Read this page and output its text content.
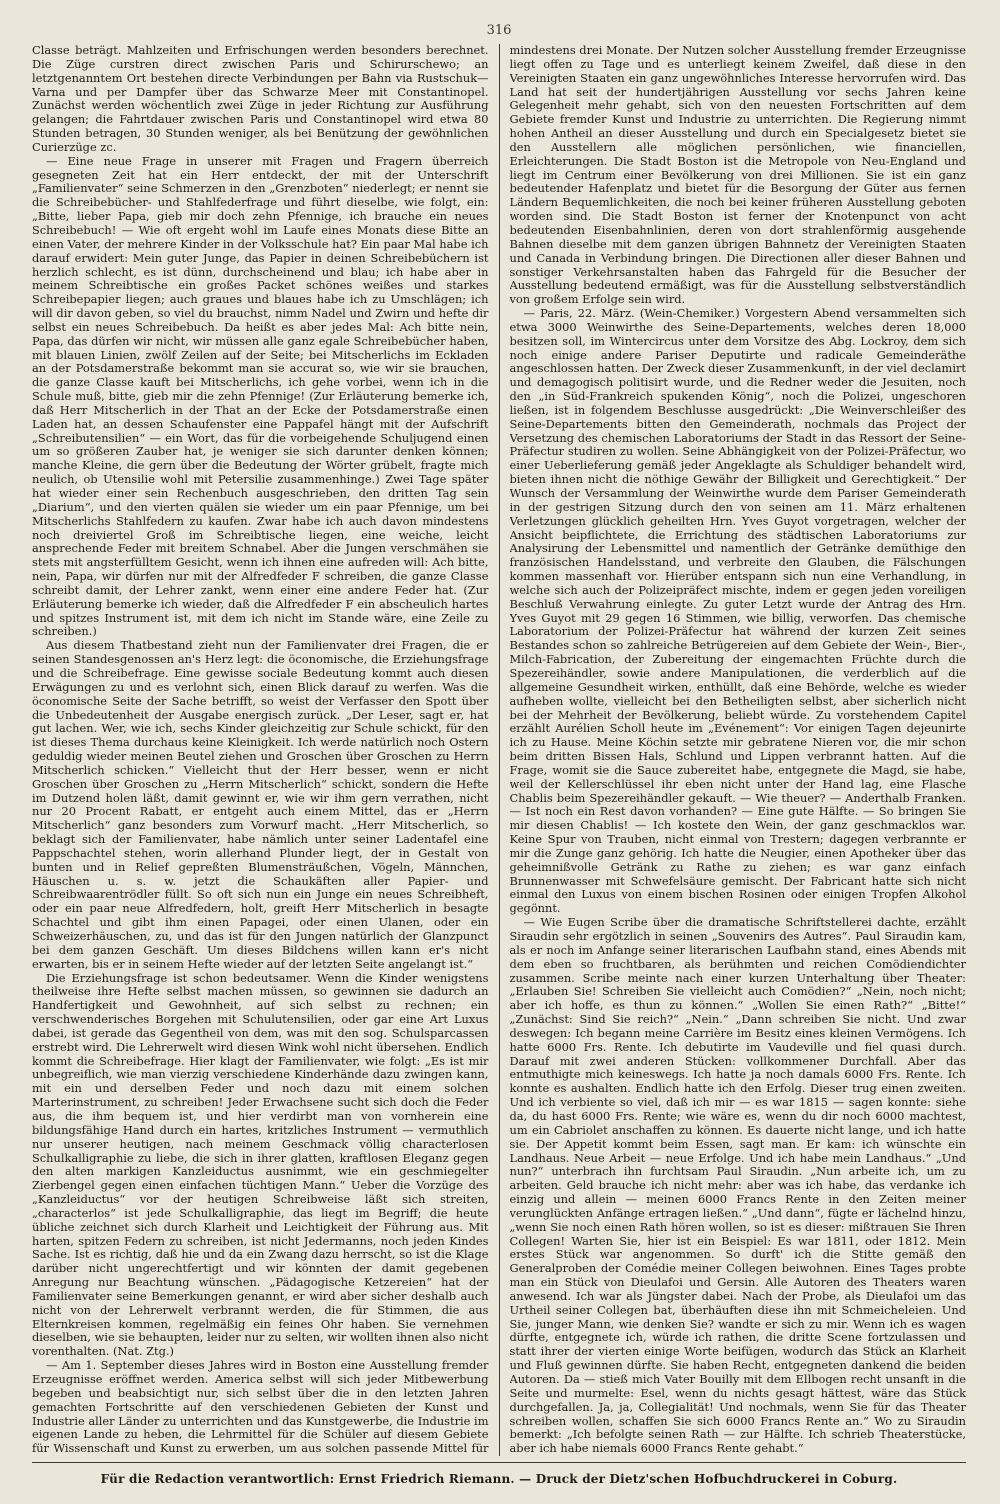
316

Classe beträgt. Mahlzeiten und Erfrischungen werden besonders berechnet. Die Züge curstren direct zwischen Paris und Schirurschewo; an letztgenanntem Ort bestehen directe Verbindungen per Bahn via Rustschuk—Varna und per Dampfer über das Schwarze Meer mit Constantinopel. Zunächst werden wöchentlich zwei Züge in jeder Richtung zur Ausführung gelangen; die Fahrtdauer zwischen Paris und Constantinopel wird etwa 80 Stunden betragen, 30 Stunden weniger, als bei Benützung der gewöhnlichen Curierzüge zc.

— Eine neue Frage in unserer mit Fragen und Fragern überreich gesegneten Zeit hat ein Herr entdeckt, der mit der Unterschrift „Familienvater“ seine Schmerzen in den „Grenzboten“ niederlegt; er nennt sie die Schreibebücher- und Stahlfederfrage und führt dieselbe, wie folgt, ein: „Bitte, lieber Papa, gieb mir doch zehn Pfennige, ich brauche ein neues Schreibebuch! — Wie oft ergeht wohl im Laufe eines Monats diese Bitte an einen Vater, der mehrere Kinder in der Volksschule hat? Ein paar Mal habe ich darauf erwidert: Mein guter Junge, das Papier in deinen Schreibebüchern ist herzlich schlecht, es ist dünn, durchscheinend und blau; ich habe aber in meinem Schreibtische ein großes Packet schönes weißes und starkes Schreibepapier liegen; auch graues und blaues habe ich zu Umschlägen; ich will dir davon geben, so viel du brauchst, nimm Nadel und Zwirn und hefte dir selbst ein neues Schreibebuch. Da heißt es aber jedes Mal: Ach bitte nein, Papa, das dürfen wir nicht, wir müssen alle ganz egale Schreibebücher haben, mit blauen Linien, zwölf Zeilen auf der Seite; bei Mitscherlichs im Eckladen an der Potsdamerstraße bekommt man sie accurat so, wie wir sie brauchen, die ganze Classe kauft bei Mitscherlichs, ich gehe vorbei, wenn ich in die Schule muß, bitte, gieb mir die zehn Pfennige! (Zur Erläuterung bemerke ich, daß Herr Mitscherlich in der That an der Ecke der Potsdamerstraße einen Laden hat, an dessen Schaufenster eine Pappafel hängt mit der Aufschrift „Schreibutensilien“ — ein Wort, das für die vorbeigehende Schuljugend einen um so größeren Zauber hat, je weniger sie sich darunter denken können; manche Kleine, die gern über die Bedeutung der Wörter grübelt, fragte mich neulich, ob Utensilie wohl mit Petersilie zusammenhinge.) Zwei Tage später hat wieder einer sein Rechenbuch ausgeschrieben, den dritten Tag sein „Diarium“, und den vierten quälen sie wieder um ein paar Pfennige, um bei Mitscherlichs Stahlfedern zu kaufen. Zwar habe ich auch davon mindestens noch dreiviertel Groß im Schreibtische liegen, eine weiche, leicht ansprechende Feder mit breitem Schnabel. Aber die Jungen verschmähen sie stets mit angsterfülltem Gesicht, wenn ich ihnen eine aufreden will: Ach bitte, nein, Papa, wir dürfen nur mit der Alfredfeder F schreiben, die ganze Classe schreibt damit, der Lehrer zankt, wenn einer eine andere Feder hat. (Zur Erläuterung bemerke ich wieder, daß die Alfredfeder F ein abscheulich hartes und spitzes Instrument ist, mit dem ich nicht im Stande wäre, eine Zeile zu schreiben.)

Aus diesem Thatbestand zieht nun der Familienvater drei Fragen, die er seinen Standesgenossen an's Herz legt: die öconomische, die Erziehungsfrage und die Schreibefrage. Eine gewisse sociale Bedeutung kommt auch diesen Erwägungen zu und es verlohnt sich, einen Blick darauf zu werfen. Was die öconomische Seite der Sache betrifft, so weist der Verfasser den Spott über die Unbedeutenheit der Ausgabe energisch zurück. „Der Leser, sagt er, hat gut lachen. Wer, wie ich, sechs Kinder gleichzeitig zur Schule schickt, für den ist dieses Thema durchaus keine Kleinigkeit. Ich werde natürlich noch Ostern geduldig wieder meinen Beutel ziehen und Groschen über Groschen zu Herrn Mitscherlich schicken.“ Vielleicht thut der Herr besser, wenn er nicht Groschen über Groschen zu „Herrn Mitscherlich“ schickt, sondern die Hefte im Dutzend holen läßt, damit gewinnt er, wie wir ihm gern verrathen, nicht nur 20 Procent Rabatt, er entgeht auch einem Mittel, das er „Herrn Mitscherlich“ ganz besonders zum Vorwurf macht. „Herr Mitscherlich, so beklagt sich der Familienvater, habe nämlich unter seiner Ladentafel eine Pappschachtel stehen, worin allerhand Plunder liegt, der in Gestalt von bunten und in Relief gepreßten Blumensträußchen, Vögeln, Männchen, Häuschen u. s. w. jetzt die Schaukäften aller Papier- und Schreibwaarentrödler füllt. So oft sich nun ein Junge ein neues Schreibheft, oder ein paar neue Alfredfedern, holt, greift Herr Mitscherlich in besagte Schachtel und gibt ihm einen Papagei, oder einen Ulanen, oder ein Schweizerhäuschen, zu, und das ist für den Jungen natürlich der Glanzpunct bei dem ganzen Geschäft. Um dieses Bildchens willen kann er's nicht erwarten, bis er in seinem Hefte wieder auf der letzten Seite angelangt ist.“

Die Erziehungsfrage ist schon bedeutsamer. Wenn die Kinder wenigstens theilweise ihre Hefte selbst machen müssen, so gewinnen sie dadurch an Handfertigkeit und Gewohnheit, auf sich selbst zu rechnen; ein verschwenderisches Borgehen mit Schulutensilien, oder gar eine Art Luxus dabei, ist gerade das Gegentheil von dem, was mit den sog. Schulsparcassen erstrebt wird. Die Lehrerwelt wird diesen Wink wohl nicht übersehen. Endlich kommt die Schreibefrage. Hier klagt der Familienvater, wie folgt: „Es ist mir unbegreiflich, wie man vierzig verschiedene Kinderhände dazu zwingen kann, mit ein und derselben Feder und noch dazu mit einem solchen Marterinstrument, zu schreiben! Jeder Erwachsene sucht sich doch die Feder aus, die ihm bequem ist, und hier verdirbt man von vornherein eine bildungsfähige Hand durch ein hartes, kritzliches Instrument — vermuthlich nur unserer heutigen, nach meinem Geschmack völlig characterlosen Schulkalligraphie zu liebe, die sich in ihrer glatten, kraftlosen Eleganz gegen den alten markigen Kanzleiductus ausnimmt, wie ein geschmiegelter Zierbengel gegen einen einfachen tüchtigen Mann.“ Ueber die Vorzüge des „Kanzleiductus“ vor der heutigen Schreibweise läßt sich streiten, „characterlos“ ist jede Schulkalligraphie, das liegt im Begriff; die heute übliche zeichnet sich durch Klarheit und Leichtigkeit der Führung aus. Mit harten, spitzen Federn zu schreiben, ist nicht Jedermanns, noch jeden Kindes Sache. Ist es richtig, daß hie und da ein Zwang dazu herrscht, so ist die Klage darüber nicht ungerechtfertigt und wir könnten der damit gegebenen Anregung nur Beachtung wünschen. „Pädagogische Ketzereien“ hat der Familienvater seine Bemerkungen genannt, er wird aber sicher deshalb auch nicht von der Lehrerwelt verbrannt werden, die für Stimmen, die aus Elternkreisen kommen, regelmäßig ein feines Ohr haben. Sie vernehmen dieselben, wie sie behaupten, leider nur zu selten, wir wollten ihnen also nicht vorenthalten. (Nat. Ztg.)

— Am 1. September dieses Jahres wird in Boston eine Ausstellung fremder Erzeugnisse eröffnet werden. America selbst will sich jeder Mitbewerbung begeben und beabsichtigt nur, sich selbst über die in den letzten Jahren gemachten Fortschritte auf den verschiedenen Gebieten der Kunst und Industrie aller Länder zu unterrichten und das Kunstgewerbe, die Industrie im eigenen Lande zu heben, die Lehrmittel für die Schüler auf diesem Gebiete für Wissenschaft und Kunst zu erwerben, um aus solchen passende Mittel für

mindestens drei Monate. Der Nutzen solcher Ausstellung fremder Erzeugnisse liegt offen zu Tage und es unterliegt keinem Zweifel, daß diese in den Vereinigten Staaten ein ganz ungewöhnliches Interesse hervorrufen wird. Das Land hat seit der hundertjährigen Ausstellung vor sechs Jahren keine Gelegenheit mehr gehabt, sich von den neuesten Fortschritten auf dem Gebiete fremder Kunst und Industrie zu unterrichten. Die Regierung nimmt hohen Antheil an dieser Ausstellung und durch ein Specialgesetz bietet sie den Ausstellern alle möglichen persönlichen, wie financiellen, Erleichterungen. Die Stadt Boston ist die Metropole von Neu-England und liegt im Centrum einer Bevölkerung von drei Millionen. Sie ist ein ganz bedeutender Hafenplatz und bietet für die Besorgung der Güter aus fernen Ländern Bequemlichkeiten, die noch bei keiner früheren Ausstellung geboten worden sind. Die Stadt Boston ist ferner der Knotenpunct von acht bedeutenden Eisenbahnlinien, deren von dort strahlenförmig ausgehende Bahnen dieselbe mit dem ganzen übrigen Bahnnetz der Vereinigten Staaten und Canada in Verbindung bringen. Die Directionen aller dieser Bahnen und sonstiger Verkehrsanstalten haben das Fahrgeld für die Besucher der Ausstellung bedeutend ermäßigt, was für die Ausstellung selbstverständlich von großem Erfolge sein wird.

— Paris, 22. März. (Wein-Chemiker.) Vorgestern Abend versammelten sich etwa 3000 Weinwirthe des Seine-Departements, welches deren 18,000 besitzen soll, im Wintercircus unter dem Vorsitze des Abg. Lockroy, dem sich noch einige andere Pariser Deputirte und radicale Gemeinderäthe angeschlossen hatten. Der Zweck dieser Zusammenkunft, in der viel declamirt und demagogisch politisirt wurde, und die Redner weder die Jesuiten, noch den „in Süd-Frankreich spukenden König“, noch die Polizei, ungeschoren ließen, ist in folgendem Beschlusse ausgedrückt: „Die Weinverschleißer des Seine-Departements bitten den Gemeinderath, nochmals das Project der Versetzung des chemischen Laboratoriums der Stadt in das Ressort der Seine-Präfectur studiren zu wollen. Seine Abhängigkeit von der Polizei-Präfectur, wo einer Ueberlieferung gemäß jeder Angeklagte als Schuldiger behandelt wird, bieten ihnen nicht die nöthige Gewähr der Billigkeit und Gerechtigkeit.“ Der Wunsch der Versammlung der Weinwirthe wurde dem Pariser Gemeinderath in der gestrigen Sitzung durch den von seinen am 11. März erhaltenen Verletzungen glücklich geheilten Hrn. Yves Guyot vorgetragen, welcher der Ansicht beipflichtete, die Errichtung des städtischen Laboratoriums zur Analysirung der Lebensmittel und namentlich der Getränke demüthige den französischen Handelsstand, und verbreite den Glauben, die Fälschungen kommen massenhaft vor. Hierüber entspann sich nun eine Verhandlung, in welche sich auch der Polizeipräfect mischte, indem er gegen jeden voreiligen Beschluß Verwahrung einlegte. Zu guter Letzt wurde der Antrag des Hrn. Yves Guyot mit 29 gegen 16 Stimmen, wie billig, verworfen. Das chemische Laboratorium der Polizei-Präfectur hat während der kurzen Zeit seines Bestandes schon so zahlreiche Betrügereien auf dem Gebiete der Wein-, Bier-, Milch-Fabrication, der Zubereitung der eingemachten Früchte durch die Spezereihändler, sowie andere Manipulationen, die verderblich auf die allgemeine Gesundheit wirken, enthüllt, daß eine Behörde, welche es wieder aufheben wollte, vielleicht bei den Betheiligten selbst, aber sicherlich nicht bei der Mehrheit der Bevölkerung, beliebt würde. Zu vorstehendem Capitel erzählt Aurélien Scholl heute im „Evénement“: Vor einigen Tagen dejeunirte ich zu Hause. Meine Köchin setzte mir gebratene Nieren vor, die mir schon beim dritten Bissen Hals, Schlund und Lippen verbrannt hatten. Auf die Frage, womit sie die Sauce zubereitet habe, entgegnete die Magd, sie habe, weil der Kellerschlüssel ihr eben nicht unter der Hand lag, eine Flasche Chablis beim Spezereihändler gekauft. — Wie theuer? — Anderthalb Franken. — Ist noch ein Rest davon vorhanden? — Eine gute Hälfte. — So bringen Sie mir diesen Chablis! — Ich kostete den Wein, der ganz geschmacklos war. Keine Spur von Trauben, nicht einmal von Trestern; dagegen verbrannte er mir die Zunge ganz gehörig. Ich hatte die Neugier, einen Apotheker über das geheimnißvolle Getränk zu Rathe zu ziehen; es war ganz einfach Brunnenwasser mit Schwefelsäure gemischt. Der Fabricant hatte sich nicht einmal den Luxus von einem bischen Rosinen oder einigen Tropfen Alkohol gegönnt.

— Wie Eugen Scribe über die dramatische Schriftstellerei dachte, erzählt Siraudin sehr ergötzlich in seinen „Souvenirs des Autres“. Paul Siraudin kam, als er noch im Anfange seiner literarischen Laufbahn stand, eines Abends mit dem eben so fruchtbaren, als berühmten und reichen Comödiendichter zusammen. Scribe meinte nach einer kurzen Unterhaltung über Theater: „Erlauben Sie! Schreiben Sie vielleicht auch Comödien?“ „Nein, noch nicht; aber ich hoffe, es thun zu können.“ „Wollen Sie einen Rath?“ „Bitte!“ „Zunächst: Sind Sie reich?“ „Nein.“ „Dann schreiben Sie nicht. Und zwar deswegen: Ich begann meine Carrière im Besitz eines kleinen Vermögens. Ich hatte 6000 Frs. Rente. Ich debutirte im Vaudeville und fiel quasi durch. Darauf mit zwei anderen Stücken: vollkommener Durchfall. Aber das entmuthigte mich keineswegs. Ich hatte ja noch damals 6000 Frs. Rente. Ich konnte es aushalten. Endlich hatte ich den Erfolg. Dieser trug einen zweiten. Und ich verbiente so viel, daß ich mir — es war 1815 — sagen konnte: siehe da, du hast 6000 Frs. Rente; wie wäre es, wenn du dir noch 6000 machtest, um ein Cabriolet anschaffen zu können. Es dauerte nicht lange, und ich hatte sie. Der Appetit kommt beim Essen, sagt man. Er kam: ich wünschte ein Landhaus. Neue Arbeit — neue Erfolge. Und ich habe mein Landhaus.“ „Und nun?“ unterbrach ihn furchtsam Paul Siraudin. „Nun arbeite ich, um zu arbeiten. Geld brauche ich nicht mehr: aber was ich habe, das verdanke ich einzig und allein — meinen 6000 Francs Rente in den Zeiten meiner verunglückten Anfänge ertragen ließen.“ „Und dann“, fügte er lächelnd hinzu, „wenn Sie noch einen Rath hören wollen, so ist es dieser: mißtrauen Sie Ihren Collegen! Warten Sie, hier ist ein Beispiel: Es war 1811, oder 1812. Mein erstes Stück war angenommen. So durft' ich die Stitte gemäß den Generalproben der Comédie meiner Collegen beiwohnen. Eines Tages probte man ein Stück von Dieulafoi und Gersin. Alle Autoren des Theaters waren anwesend. Ich war als Jüngster dabei. Nach der Probe, als Dieulafoi um das Urtheil seiner Collegen bat, überhäuften diese ihn mit Schmeicheleien. Und Sie, junger Mann, wie denken Sie? wandte er sich zu mir. Wenn ich es wagen dürfte, entgegnete ich, würde ich rathen, die dritte Scene fortzulassen und statt ihrer der vierten einige Worte beifügen, wodurch das Stück an Klarheit und Fluß gewinnen dürfte. Sie haben Recht, entgegneten dankend die beiden Autoren. Da — stieß mich Vater Bouilly mit dem Ellbogen recht unsanft in die Seite und murmelte: Esel, wenn du nichts gesagt hättest, wäre das Stück durchgefallen. Ja, ja, Collegialität! Und nochmals, wenn Sie für das Theater schreiben wollen, schaffen Sie sich 6000 Francs Rente an.“ Wo zu Siraudin bemerkt: „Ich befolgte seinen Rath — zur Hälfte. Ich schrieb Theaterstücke, aber ich habe niemals 6000 Francs Rente gehabt.“

Für die Redaction verantwortlich: Ernst Friedrich Riemann. — Druck der Dietz'schen Hofbuchdruckerei in Coburg.
